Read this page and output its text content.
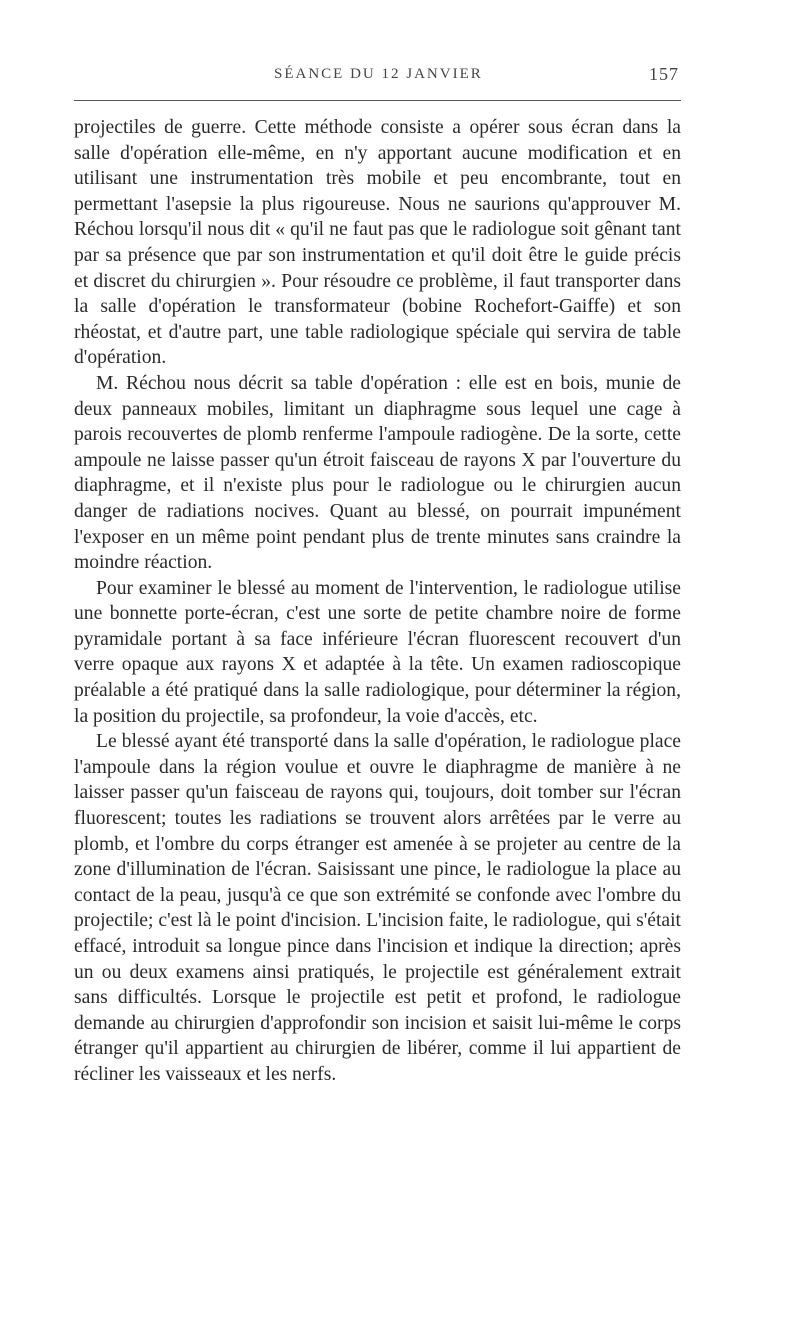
SÉANCE DU 12 JANVIER	157

projectiles de guerre. Cette méthode consiste a opérer sous écran dans la salle d'opération elle-même, en n'y apportant aucune modification et en utilisant une instrumentation très mobile et peu encombrante, tout en permettant l'asepsie la plus rigoureuse. Nous ne saurions qu'approuver M. Réchou lorsqu'il nous dit « qu'il ne faut pas que le radiologue soit gênant tant par sa présence que par son instrumentation et qu'il doit être le guide précis et discret du chirurgien ». Pour résoudre ce problème, il faut transporter dans la salle d'opération le transformateur (bobine Rochefort-Gaiffe) et son rhéostat, et d'autre part, une table radiologique spéciale qui servira de table d'opération.

M. Réchou nous décrit sa table d'opération : elle est en bois, munie de deux panneaux mobiles, limitant un diaphragme sous lequel une cage à parois recouvertes de plomb renferme l'ampoule radiogène. De la sorte, cette ampoule ne laisse passer qu'un étroit faisceau de rayons X par l'ouverture du diaphragme, et il n'existe plus pour le radiologue ou le chirurgien aucun danger de radiations nocives. Quant au blessé, on pourrait impunément l'exposer en un même point pendant plus de trente minutes sans craindre la moindre réaction.

Pour examiner le blessé au moment de l'intervention, le radiologue utilise une bonnette porte-écran, c'est une sorte de petite chambre noire de forme pyramidale portant à sa face inférieure l'écran fluorescent recouvert d'un verre opaque aux rayons X et adaptée à la tête. Un examen radioscopique préalable a été pratiqué dans la salle radiologique, pour déterminer la région, la position du projectile, sa profondeur, la voie d'accès, etc.

Le blessé ayant été transporté dans la salle d'opération, le radiologue place l'ampoule dans la région voulue et ouvre le diaphragme de manière à ne laisser passer qu'un faisceau de rayons qui, toujours, doit tomber sur l'écran fluorescent; toutes les radiations se trouvent alors arrêtées par le verre au plomb, et l'ombre du corps étranger est amenée à se projeter au centre de la zone d'illumination de l'écran. Saisissant une pince, le radiologue la place au contact de la peau, jusqu'à ce que son extrémité se confonde avec l'ombre du projectile; c'est là le point d'incision. L'incision faite, le radiologue, qui s'était effacé, introduit sa longue pince dans l'incision et indique la direction; après un ou deux examens ainsi pratiqués, le projectile est généralement extrait sans difficultés. Lorsque le projectile est petit et profond, le radiologue demande au chirurgien d'approfondir son incision et saisit lui-même le corps étranger qu'il appartient au chirurgien de libérer, comme il lui appartient de récliner les vaisseaux et les nerfs.
